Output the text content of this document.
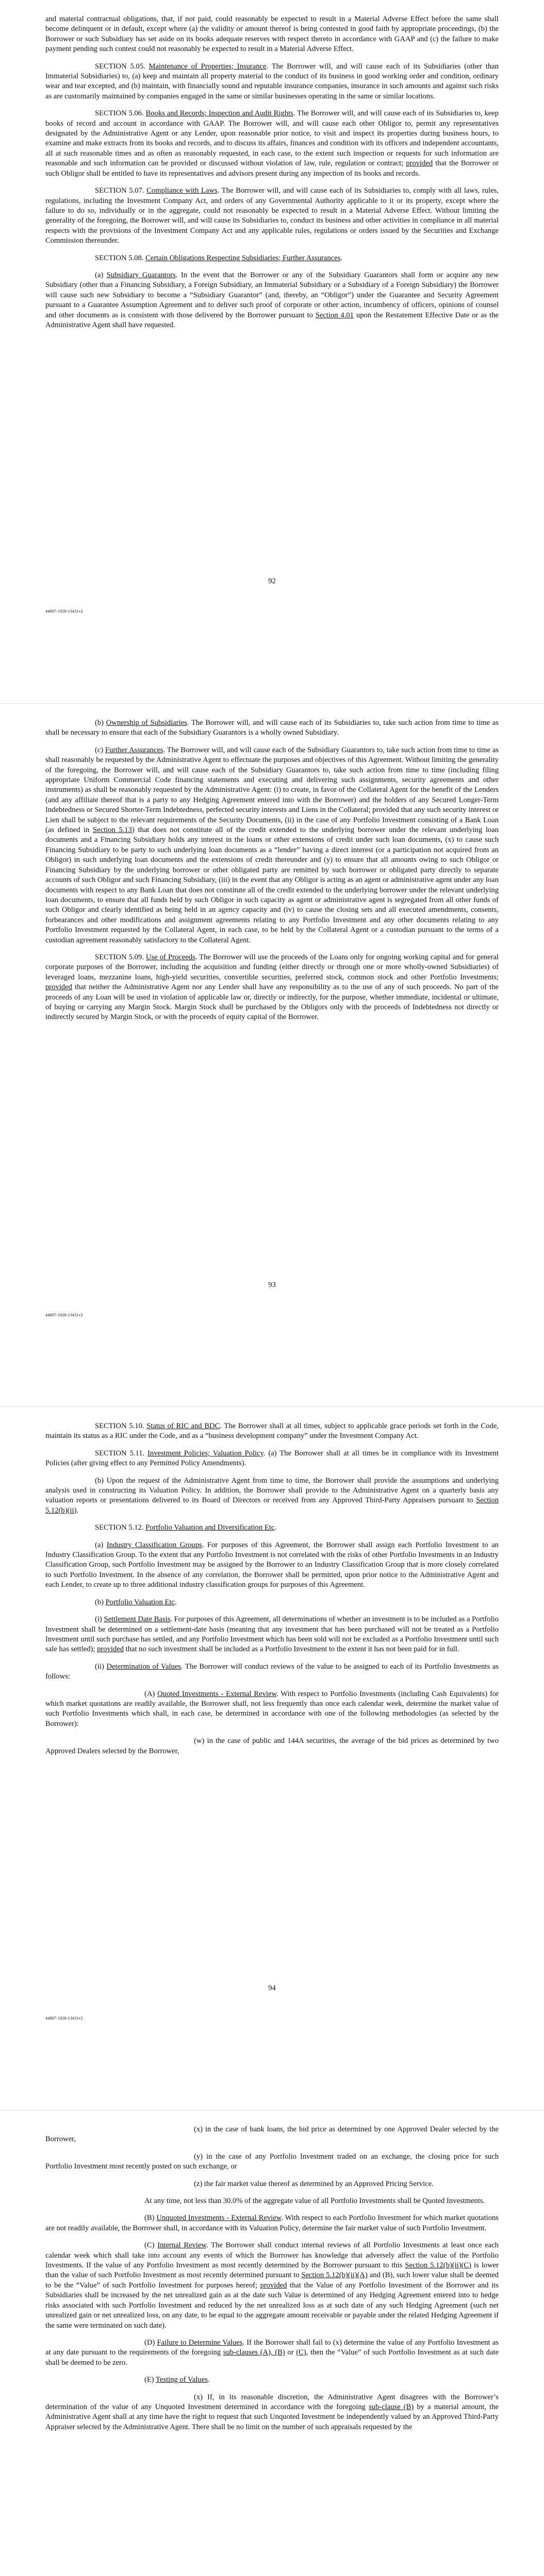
and material contractual obligations, that, if not paid, could reasonably be expected to result in a Material Adverse Effect before the same shall become delinquent or in default, except where (a) the validity or amount thereof is being contested in good faith by appropriate proceedings, (b) the Borrower or such Subsidiary has set aside on its books adequate reserves with respect thereto in accordance with GAAP and (c) the failure to make payment pending such contest could not reasonably be expected to result in a Material Adverse Effect.

SECTION 5.05. Maintenance of Properties; Insurance. The Borrower will, and will cause each of its Subsidiaries (other than Immaterial Subsidiaries) to, (a) keep and maintain all property material to the conduct of its business in good working order and condition, ordinary wear and tear excepted, and (b) maintain, with financially sound and reputable insurance companies, insurance in such amounts and against such risks as are customarily maintained by companies engaged in the same or similar businesses operating in the same or similar locations.

SECTION 5.06. Books and Records; Inspection and Audit Rights. The Borrower will, and will cause each of its Subsidiaries to, keep books of record and account in accordance with GAAP. The Borrower will, and will cause each other Obligor to, permit any representatives designated by the Administrative Agent or any Lender, upon reasonable prior notice, to visit and inspect its properties during business hours, to examine and make extracts from its books and records, and to discuss its affairs, finances and condition with its officers and independent accountants, all at such reasonable times and as often as reasonably requested, in each case, to the extent such inspection or requests for such information are reasonable and such information can be provided or discussed without violation of law, rule, regulation or contract; provided that the Borrower or such Obligor shall be entitled to have its representatives and advisors present during any inspection of its books and records.

SECTION 5.07. Compliance with Laws. The Borrower will, and will cause each of its Subsidiaries to, comply with all laws, rules, regulations, including the Investment Company Act, and orders of any Governmental Authority applicable to it or its property, except where the failure to do so, individually or in the aggregate, could not reasonably be expected to result in a Material Adverse Effect. Without limiting the generality of the foregoing, the Borrower will, and will cause its Subsidiaries to, conduct its business and other activities in compliance in all material respects with the provisions of the Investment Company Act and any applicable rules, regulations or orders issued by the Securities and Exchange Commission thereunder.

SECTION 5.08. Certain Obligations Respecting Subsidiaries; Further Assurances.

(a) Subsidiary Guarantors. In the event that the Borrower or any of the Subsidiary Guarantors shall form or acquire any new Subsidiary (other than a Financing Subsidiary, a Foreign Subsidiary, an Immaterial Subsidiary or a Subsidiary of a Foreign Subsidiary) the Borrower will cause such new Subsidiary to become a “Subsidiary Guarantor” (and, thereby, an “Obligor”) under the Guarantee and Security Agreement pursuant to a Guarantee Assumption Agreement and to deliver such proof of corporate or other action, incumbency of officers, opinions of counsel and other documents as is consistent with those delivered by the Borrower pursuant to Section 4.01 upon the Restatement Effective Date or as the Administrative Agent shall have requested.

92
44807-1928-13431v2

(b) Ownership of Subsidiaries. The Borrower will, and will cause each of its Subsidiaries to, take such action from time to time as shall be necessary to ensure that each of the Subsidiary Guarantors is a wholly owned Subsidiary.

(c) Further Assurances. The Borrower will, and will cause each of the Subsidiary Guarantors to, take such action from time to time as shall reasonably be requested by the Administrative Agent to effectuate the purposes and objectives of this Agreement. Without limiting the generality of the foregoing, the Borrower will, and will cause each of the Subsidiary Guarantors to, take such action from time to time (including filing appropriate Uniform Commercial Code financing statements and executing and delivering such assignments, security agreements and other instruments) as shall be reasonably requested by the Administrative Agent: (i) to create, in favor of the Collateral Agent for the benefit of the Lenders (and any affiliate thereof that is a party to any Hedging Agreement entered into with the Borrower) and the holders of any Secured Longer-Term Indebtedness or Secured Shorter-Term Indebtedness, perfected security interests and Liens in the Collateral; provided that any such security interest or Lien shall be subject to the relevant requirements of the Security Documents, (ii) in the case of any Portfolio Investment consisting of a Bank Loan (as defined in Section 5.13) that does not constitute all of the credit extended to the underlying borrower under the relevant underlying loan documents and a Financing Subsidiary holds any interest in the loans or other extensions of credit under such loan documents, (x) to cause such Financing Subsidiary to be party to such underlying loan documents as a “lender” having a direct interest (or a participation not acquired from an Obligor) in such underlying loan documents and the extensions of credit thereunder and (y) to ensure that all amounts owing to such Obligor or Financing Subsidiary by the underlying borrower or other obligated party are remitted by such borrower or obligated party directly to separate accounts of such Obligor and such Financing Subsidiary, (iii) in the event that any Obligor is acting as an agent or administrative agent under any loan documents with respect to any Bank Loan that does not constitute all of the credit extended to the underlying borrower under the relevant underlying loan documents, to ensure that all funds held by such Obligor in such capacity as agent or administrative agent is segregated from all other funds of such Obligor and clearly identified as being held in an agency capacity and (iv) to cause the closing sets and all executed amendments, consents, forbearances and other modifications and assignment agreements relating to any Portfolio Investment and any other documents relating to any Portfolio Investment requested by the Collateral Agent, in each case, to be held by the Collateral Agent or a custodian pursuant to the terms of a custodian agreement reasonably satisfactory to the Collateral Agent.

SECTION 5.09. Use of Proceeds. The Borrower will use the proceeds of the Loans only for ongoing working capital and for general corporate purposes of the Borrower, including the acquisition and funding (either directly or through one or more wholly-owned Subsidiaries) of leveraged loans, mezzanine loans, high-yield securities, convertible securities, preferred stock, common stock and other Portfolio Investments; provided that neither the Administrative Agent nor any Lender shall have any responsibility as to the use of any of such proceeds. No part of the proceeds of any Loan will be used in violation of applicable law or, directly or indirectly, for the purpose, whether immediate, incidental or ultimate, of buying or carrying any Margin Stock. Margin Stock shall be purchased by the Obligors only with the proceeds of Indebtedness not directly or indirectly secured by Margin Stock, or with the proceeds of equity capital of the Borrower.

93
44807-1928-13431v2

SECTION 5.10. Status of RIC and BDC. The Borrower shall at all times, subject to applicable grace periods set forth in the Code, maintain its status as a RIC under the Code, and as a “business development company” under the Investment Company Act.

SECTION 5.11. Investment Policies; Valuation Policy. (a) The Borrower shall at all times be in compliance with its Investment Policies (after giving effect to any Permitted Policy Amendments).

(b) Upon the request of the Administrative Agent from time to time, the Borrower shall provide the assumptions and underlying analysis used in constructing its Valuation Policy. In addition, the Borrower shall provide to the Administrative Agent on a quarterly basis any valuation reports or presentations delivered to its Board of Directors or received from any Approved Third-Party Appraisers pursuant to Section 5.12(b)(ii).

SECTION 5.12. Portfolio Valuation and Diversification Etc.

(a) Industry Classification Groups. For purposes of this Agreement, the Borrower shall assign each Portfolio Investment to an Industry Classification Group. To the extent that any Portfolio Investment is not correlated with the risks of other Portfolio Investments in an Industry Classification Group, such Portfolio Investment may be assigned by the Borrower to an Industry Classification Group that is more closely correlated to such Portfolio Investment. In the absence of any correlation, the Borrower shall be permitted, upon prior notice to the Administrative Agent and each Lender, to create up to three additional industry classification groups for purposes of this Agreement.

(b) Portfolio Valuation Etc.

(i) Settlement Date Basis. For purposes of this Agreement, all determinations of whether an investment is to be included as a Portfolio Investment shall be determined on a settlement-date basis (meaning that any investment that has been purchased will not be treated as a Portfolio Investment until such purchase has settled, and any Portfolio Investment which has been sold will not be excluded as a Portfolio Investment until such sale has settled); provided that no such investment shall be included as a Portfolio Investment to the extent it has not been paid for in full.

(ii) Determination of Values. The Borrower will conduct reviews of the value to be assigned to each of its Portfolio Investments as follows:

(A) Quoted Investments - External Review. With respect to Portfolio Investments (including Cash Equivalents) for which market quotations are readily available, the Borrower shall, not less frequently than once each calendar week, determine the market value of such Portfolio Investments which shall, in each case, be determined in accordance with one of the following methodologies (as selected by the Borrower):

(w) in the case of public and 144A securities, the average of the bid prices as determined by two Approved Dealers selected by the Borrower,

94
44807-1928-13431v2

(x) in the case of bank loans, the bid price as determined by one Approved Dealer selected by the Borrower,

(y) in the case of any Portfolio Investment traded on an exchange, the closing price for such Portfolio Investment most recently posted on such exchange, or

(z) the fair market value thereof as determined by an Approved Pricing Service.

At any time, not less than 30.0% of the aggregate value of all Portfolio Investments shall be Quoted Investments.

(B) Unquoted Investments - External Review. With respect to each Portfolio Investment for which market quotations are not readily available, the Borrower shall, in accordance with its Valuation Policy, determine the fair market value of such Portfolio Investment.

(C) Internal Review. The Borrower shall conduct internal reviews of all Portfolio Investments at least once each calendar week which shall take into account any events of which the Borrower has knowledge that adversely affect the value of the Portfolio Investments. If the value of any Portfolio Investment as most recently determined by the Borrower pursuant to this Section 5.12(b)(ii)(C) is lower than the value of such Portfolio Investment as most recently determined pursuant to Section 5.12(b)(ii)(A) and (B), such lower value shall be deemed to be the “Value” of such Portfolio Investment for purposes hereof; provided that the Value of any Portfolio Investment of the Borrower and its Subsidiaries shall be increased by the net unrealized gain as at the date such Value is determined of any Hedging Agreement entered into to hedge risks associated with such Portfolio Investment and reduced by the net unrealized loss as at such date of any such Hedging Agreement (such net unrealized gain or net unrealized loss, on any date, to be equal to the aggregate amount receivable or payable under the related Hedging Agreement if the same were terminated on such date).

(D) Failure to Determine Values. If the Borrower shall fail to (x) determine the value of any Portfolio Investment as at any date pursuant to the requirements of the foregoing sub-clauses (A), (B) or (C), then the “Value” of such Portfolio Investment as at such date shall be deemed to be zero.

(E) Testing of Values.

(x) If, in its reasonable discretion, the Administrative Agent disagrees with the Borrower’s determination of the value of any Unquoted Investment determined in accordance with the foregoing sub-clause (B) by a material amount, the Administrative Agent shall at any time have the right to request that such Unquoted Investment be independently valued by an Approved Third-Party Appraiser selected by the Administrative Agent. There shall be no limit on the number of such appraisals requested by the
